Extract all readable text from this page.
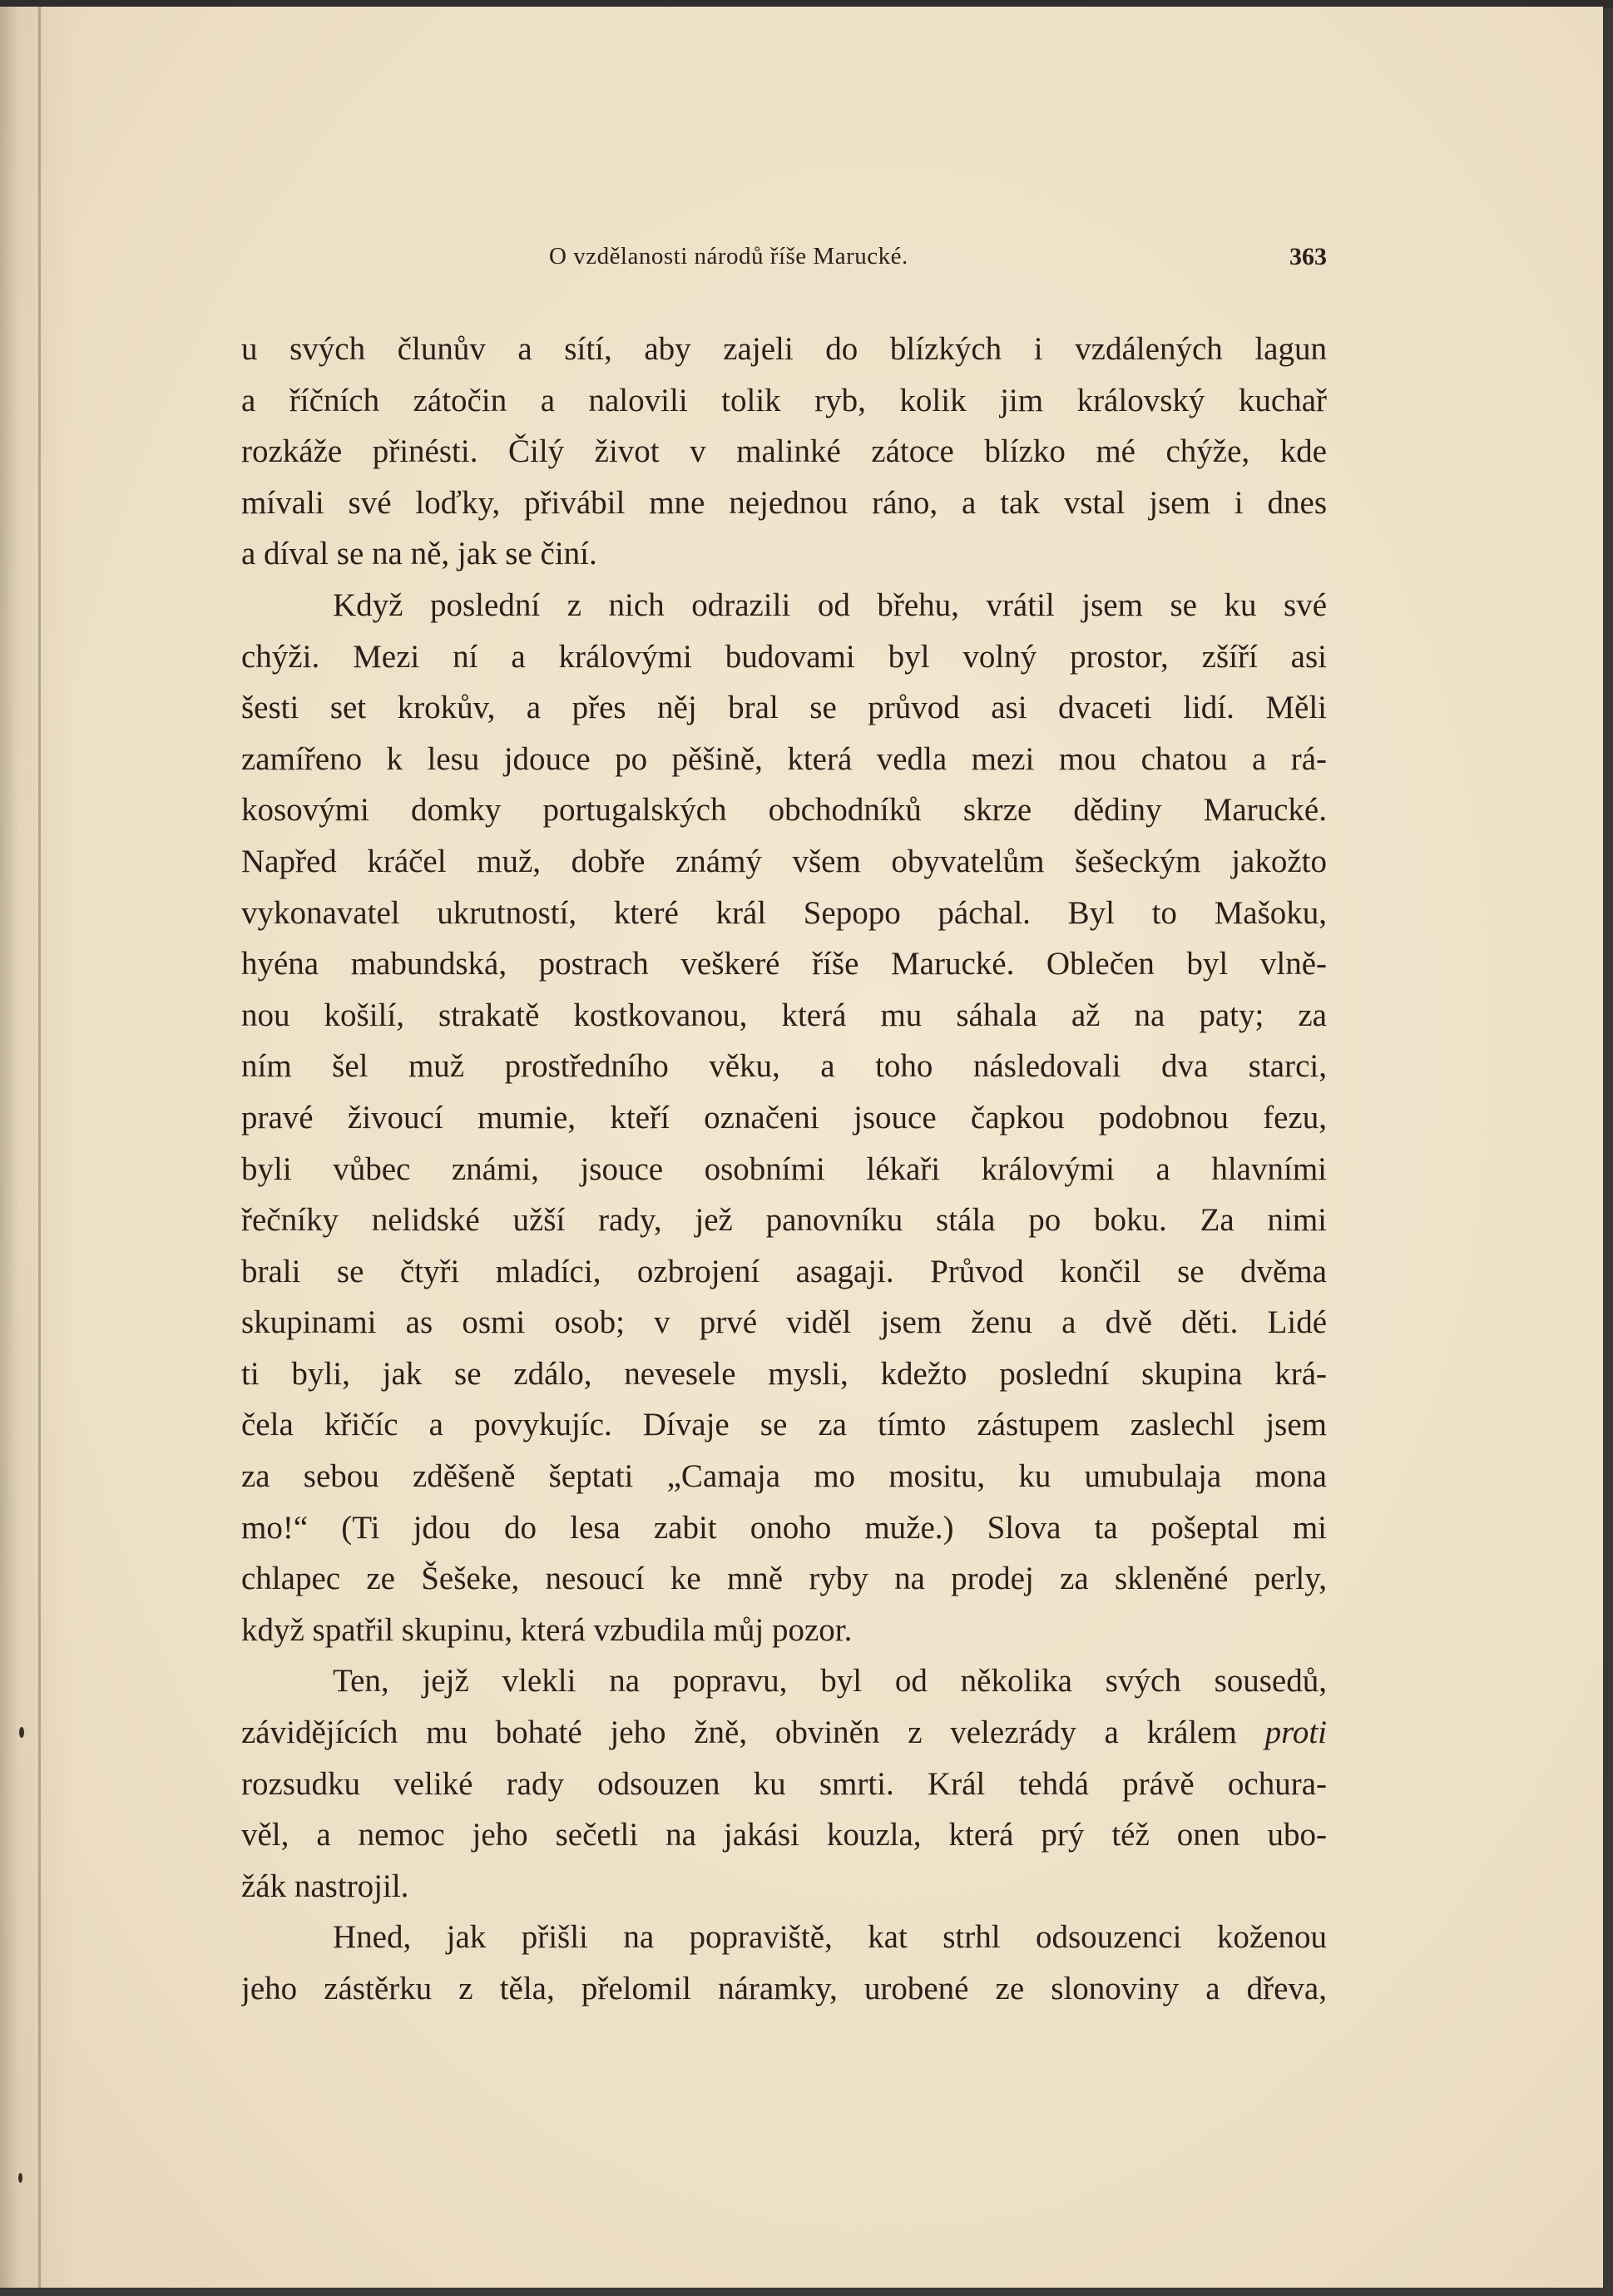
O vzdělanosti národů říše Marucké.	363
u svých člunův a sítí, aby zajeli do blízkých i vzdálených lagun
a říčních zátočin a nalovili tolik ryb, kolik jim královský kuchař
rozkáže přinésti. Čilý život v malinké zátoce blízko mé chýže, kde
mívali své loďky, přivábil mne nejednou ráno, a tak vstal jsem i dnes
a díval se na ně, jak se činí.
Když poslední z nich odrazili od břehu, vrátil jsem se ku své
chýži. Mezi ní a královými budovami byl volný prostor, zšíří asi
šesti set krokův, a přes něj bral se průvod asi dvaceti lidí. Měli
zamířeno k lesu jdouce po pěšině, která vedla mezi mou chatou a rá-
kosovými domky portugalských obchodníků skrze dědiny Marucké.
Napřed kráčel muž, dobře známý všem obyvatelům šešeckým jakožto
vykonavatel ukrutností, které král Sepopo páchal. Byl to Mašoku,
hyéna mabundská, postrach veškeré říše Marucké. Oblečen byl vlně-
nou košilí, strakatě kostkovanou, která mu sáhala až na paty; za
ním šel muž prostředního věku, a toho následovali dva starci,
pravé živoucí mumie, kteří označeni jsouce čapkou podobnou fezu,
byli vůbec známi, jsouce osobními lékaři královými a hlavními
řečníky nelidské užší rady, jež panovníku stála po boku. Za nimi
brali se čtyři mladíci, ozbrojení asagaji. Průvod končil se dvěma
skupinami as osmi osob; v prvé viděl jsem ženu a dvě děti. Lidé
ti byli, jak se zdálo, nevesele mysli, kdežto poslední skupina krá-
čela křičíc a povykujíc. Dívaje se za tímto zástupem zaslechl jsem
za sebou zděšeně šeptati „Camaja mo mositu, ku umubulaja mona
mo!“ (Ti jdou do lesa zabit onoho muže.) Slova ta pošeptal mi
chlapec ze Šešeke, nesoucí ke mně ryby na prodej za skleněné perly,
když spatřil skupinu, která vzbudila můj pozor.
Ten, jejž vlekli na popravu, byl od několika svých sousedů,
závidějících mu bohaté jeho žně, obviněn z velezrády a králem proti
rozsudku veliké rady odsouzen ku smrti. Král tehdá právě ochura-
věl, a nemoc jeho sečetli na jakási kouzla, která prý též onen ubo-
žák nastrojil.
Hned, jak přišli na popraviště, kat strhl odsouzenci koženou
jeho zástěrku z těla, přelomil náramky, urobené ze slonoviny a dřeva,
